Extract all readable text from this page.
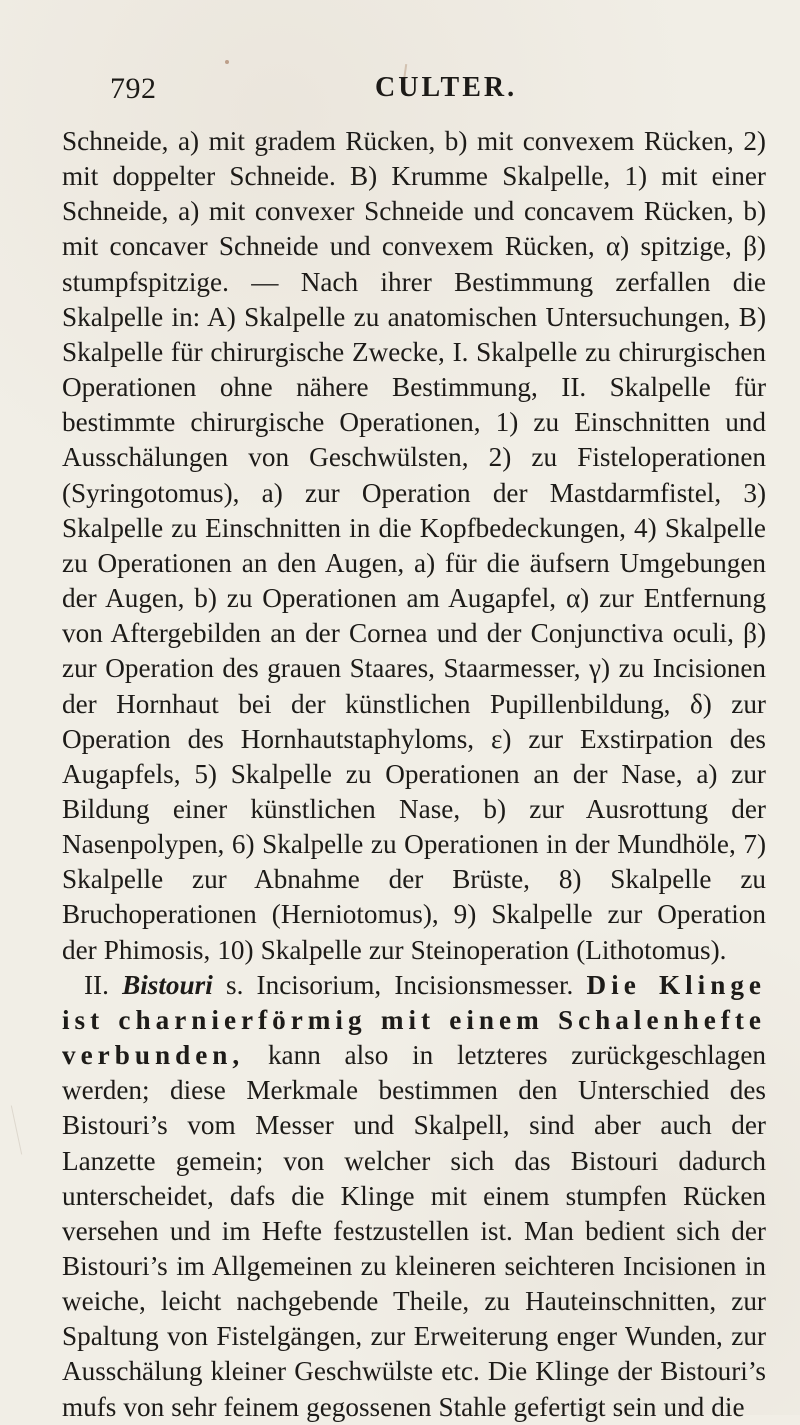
792	CULTER.

Schneide, a) mit gradem Rücken, b) mit convexem Rücken, 2) mit doppelter Schneide. B) Krumme Skalpelle, 1) mit einer Schneide, a) mit convexer Schneide und concavem Rücken, b) mit concaver Schneide und convexem Rücken, α) spitzige, β) stumpfspitzige. — Nach ihrer Bestimmung zerfallen die Skalpelle in: A) Skalpelle zu anatomischen Untersuchungen, B) Skalpelle für chirurgische Zwecke, I. Skalpelle zu chirurgischen Operationen ohne nähere Bestimmung, II. Skalpelle für bestimmte chirurgische Operationen, 1) zu Einschnitten und Ausschälungen von Geschwülsten, 2) zu Fisteloperationen (Syringotomus), a) zur Operation der Mastdarmfistel, 3) Skalpelle zu Einschnitten in die Kopfbedeckungen, 4) Skalpelle zu Operationen an den Augen, a) für die äufsern Umgebungen der Augen, b) zu Operationen am Augapfel, α) zur Entfernung von Aftergebilden an der Cornea und der Conjunctiva oculi, β) zur Operation des grauen Staares, Staarmesser, γ) zu Incisionen der Hornhaut bei der künstlichen Pupillenbildung, δ) zur Operation des Hornhautstaphyloms, ε) zur Exstirpation des Augapfels, 5) Skalpelle zu Operationen an der Nase, a) zur Bildung einer künstlichen Nase, b) zur Ausrottung der Nasenpolypen, 6) Skalpelle zu Operationen in der Mundhöle, 7) Skalpelle zur Abnahme der Brüste, 8) Skalpelle zu Bruchoperationen (Herniotomus), 9) Skalpelle zur Operation der Phimosis, 10) Skalpelle zur Steinoperation (Lithotomus).

II. Bistouri s. Incisorium, Incisionsmesser. Die Klinge ist charnierförmig mit einem Schalenhefte verbunden, kann also in letzteres zurückgeschlagen werden; diese Merkmale bestimmen den Unterschied des Bistouri’s vom Messer und Skalpell, sind aber auch der Lanzette gemein; von welcher sich das Bistouri dadurch unterscheidet, dafs die Klinge mit einem stumpfen Rücken versehen und im Hefte festzustellen ist. Man bedient sich der Bistouri’s im Allgemeinen zu kleineren seichteren Incisionen in weiche, leicht nachgebende Theile, zu Hauteinschnitten, zur Spaltung von Fistelgängen, zur Erweiterung enger Wunden, zur Ausschälung kleiner Geschwülste etc. Die Klinge der Bistouri’s mufs von sehr feinem gegossenen Stahle gefertigt sein und die
